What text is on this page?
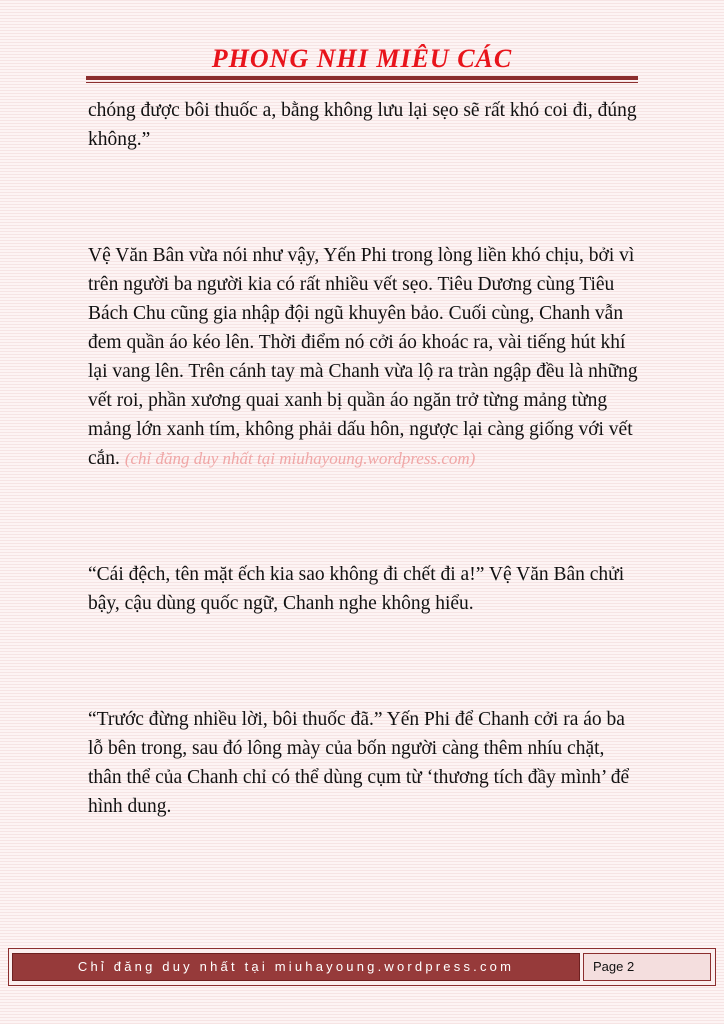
PHONG NHI MIÊU CÁC

chóng được bôi thuốc a, bằng không lưu lại sẹo sẽ rất khó coi đi, đúng không.”

Vệ Văn Bân vừa nói như vậy, Yến Phi trong lòng liền khó chịu, bởi vì trên người ba người kia có rất nhiều vết sẹo. Tiêu Dương cùng Tiêu Bách Chu cũng gia nhập đội ngũ khuyên bảo. Cuối cùng, Chanh vẫn đem quần áo kéo lên. Thời điểm nó cởi áo khoác ra, vài tiếng hút khí lại vang lên. Trên cánh tay mà Chanh vừa lộ ra tràn ngập đều là những vết roi, phần xương quai xanh bị quần áo ngăn trở từng mảng từng mảng lớn xanh tím, không phải dấu hôn, ngược lại càng giống với vết cắn. (chỉ đăng duy nhất tại miuhayoung.wordpress.com)

“Cái đệch, tên mặt ếch kia sao không đi chết đi a!” Vệ Văn Bân chửi bậy, cậu dùng quốc ngữ, Chanh nghe không hiểu.

“Trước đừng nhiều lời, bôi thuốc đã.” Yến Phi để Chanh cởi ra áo ba lỗ bên trong, sau đó lông mày của bốn người càng thêm nhíu chặt, thân thể của Chanh chỉ có thể dùng cụm từ ‘thương tích đầy mình’ để hình dung.

Chỉ đăng duy nhất tại miuhayoung.wordpress.com	Page 2
